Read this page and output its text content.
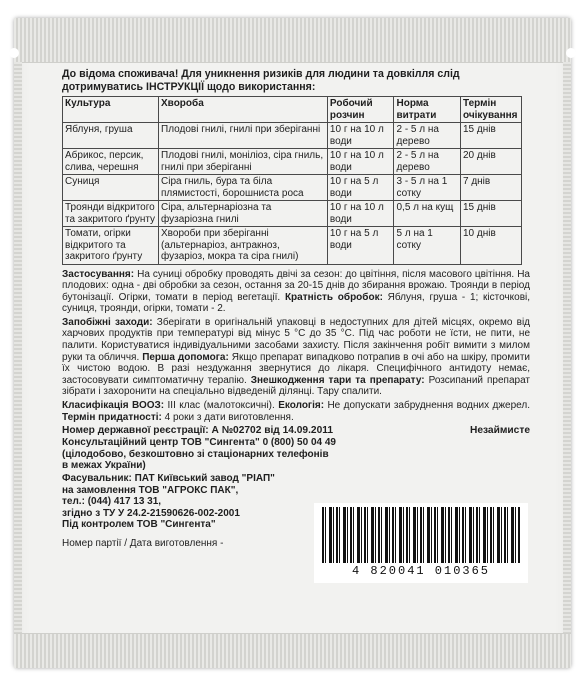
До відома споживача! Для уникнення ризиків для людини та довкілля слід дотримуватись ІНСТРУКЦІЇ щодо використання:
Культура	Хвороба	Робочий розчин	Норма витрати	Термін очікування
Яблуня, груша	Плодові гнилі, гнилі при зберіганні	10 г на 10 л води	2 - 5 л на дерево	15 днів
Абрикос, персик, слива, черешня	Плодові гнилі, моніліоз, сіра гниль, гнилі при зберіганні	10 г на 10 л води	2 - 5 л на дерево	20 днів
Суниця	Сіра гниль, бура та біла плямистості, борошниста роса	10 г на 5 л води	3 - 5 л на 1 сотку	7 днів
Троянди відкритого та закритого ґрунту	Сіра, альтернаріозна та фузаріозна гнилі	10 г на 10 л води	0,5 л на кущ	15 днів
Томати, огірки відкритого та закритого ґрунту	Хвороби при зберіганні (альтернаріоз, антракноз, фузаріоз, мокра та сіра гнилі)	10 г на 5 л води	5 л на 1 сотку	10 днів

Застосування: На суниці обробку проводять двічі за сезон: до цвітіння, після масового цвітіння. На плодових: одна - дві обробки за сезон, остання за 20-15 днів до збирання врожаю. Троянди в період бутонізації. Огірки, томати в період вегетації. Кратність обробок: Яблуня, груша - 1; кісточкові, суниця, троянди, огірки, томати - 2.

Запобіжні заходи: Зберігати в оригінальній упаковці в недоступних для дітей місцях, окремо від харчових продуктів при температурі від мінус 5 °С до 35 °С. Під час роботи не їсти, не пити, не палити. Користуватися індивідуальними засобами захисту. Після закінчення робіт вимити з милом руки та обличчя. Перша допомога: Якщо препарат випадково потрапив в очі або на шкіру, промити їх чистою водою. В разі нездужання звернутися до лікаря. Специфічного антидоту немає, застосовувати симптоматичну терапію. Знешкодження тари та препарату: Розсипаний препарат зібрати і захоронити на спеціально відведеній ділянці. Тару спалити.

Класифікація ВООЗ: III клас (малотоксичні). Екологія: Не допускати забруднення водних джерел. Термін придатності: 4 роки з дати виготовлення.

Номер державної реєстрації: А №02702 від 14.09.2011	Незаймисте
Консультаційний центр ТОВ "Сингента" 0 (800) 50 04 49
(цілодобово, безкоштовно зі стаціонарних телефонів
в межах України)
Фасувальник: ПАТ Київський завод "РІАП"
на замовлення ТОВ "АГРОКС ПАК",
тел.: (044) 417 13 31,
згідно з ТУ У 24.2-21590626-002-2001
Під контролем ТОВ "Сингента"
Номер партії / Дата виготовлення -
4 820041 010365
